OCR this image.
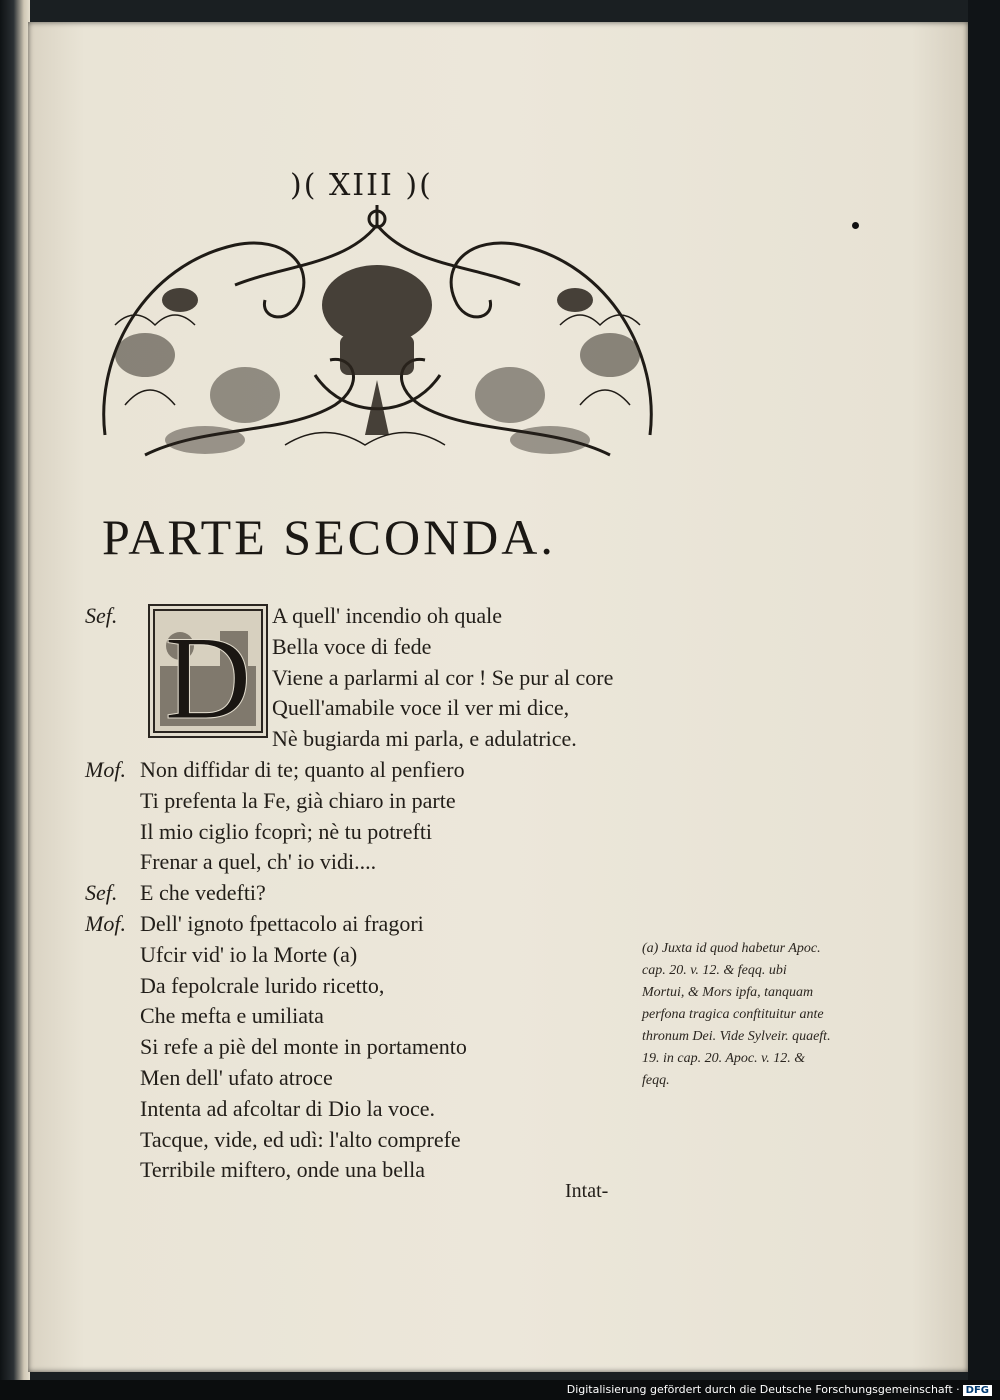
)( XIII )(
PARTE SECONDA.
D
Sef.	A quell' incendio oh quale
Bella voce di fede
Viene a parlarmi al cor ! Se pur al core
Quell'amabile voce il ver mi dice,
Nè bugiarda mi parla, e adulatrice.
Mof. Non diffidar di te; quanto al penfiero
Ti prefenta la Fe, già chiaro in parte
Il mio ciglio fcoprì; nè tu potrefti
Frenar a quel, ch' io vidi....
Sef. E che vedefti?
Mof. Dell' ignoto fpettacolo ai fragori
Ufcir vid' io la Morte (a)
Da fepolcrale lurido ricetto,
Che mefta e umiliata
Si refe a piè del monte in portamento
Men dell' ufato atroce
Intenta ad afcoltar di Dio la voce.
Tacque, vide, ed udì: l'alto comprefe
Terribile miftero, onde una bella
(a) Juxta id quod habetur Apoc. cap. 20. v. 12. & feqq. ubi Mortui, & Mors ipfa, tanquam perfona tragica conftituitur ante thronum Dei. Vide Sylveir. quaeft. 19. in cap. 20. Apoc. v. 12. & feqq.
Intat-
Digitalisierung gefördert durch die Deutsche Forschungsgemeinschaft · DFG
